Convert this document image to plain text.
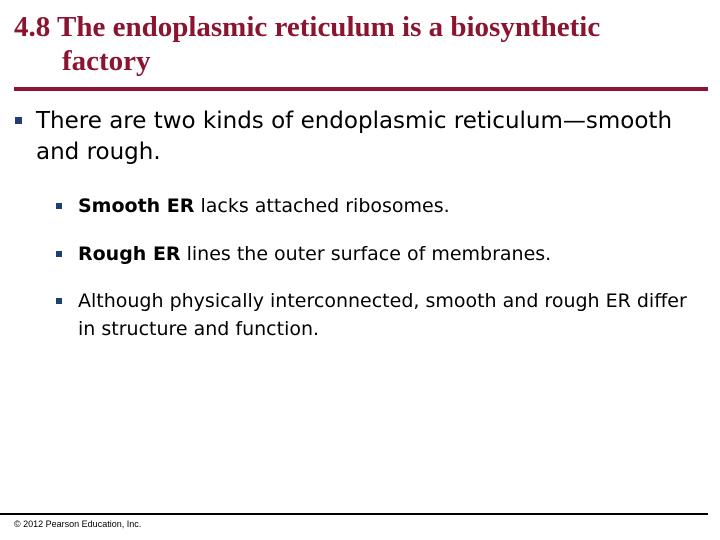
4.8 The endoplasmic reticulum is a biosynthetic
factory
There are two kinds of endoplasmic reticulum—smooth and rough.
Smooth ER lacks attached ribosomes.
Rough ER lines the outer surface of membranes.
Although physically interconnected, smooth and rough ER differ in structure and function.
© 2012 Pearson Education, Inc.
